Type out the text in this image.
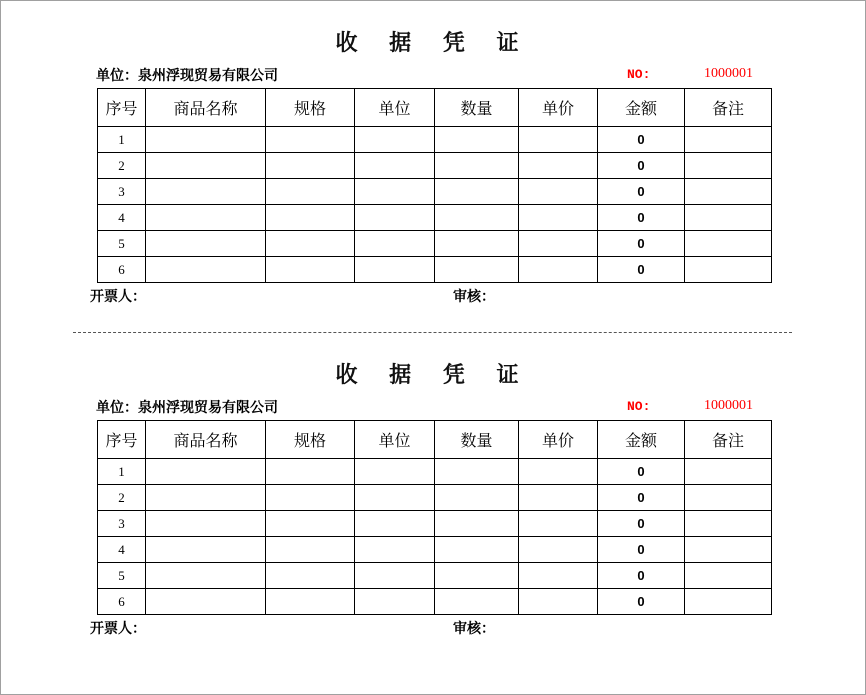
收 据 凭 证
单位：泉州浮现贸易有限公司	NO:	1000001
序号	商品名称	规格	单位	数量	单价	金额	备注
1						0	
2						0	
3						0	
4						0	
5						0	
6						0	
开票人：	审核：
收 据 凭 证
单位：泉州浮现贸易有限公司	NO:	1000001
序号	商品名称	规格	单位	数量	单价	金额	备注
1						0	
2						0	
3						0	
4						0	
5						0	
6						0	
开票人：	审核：
